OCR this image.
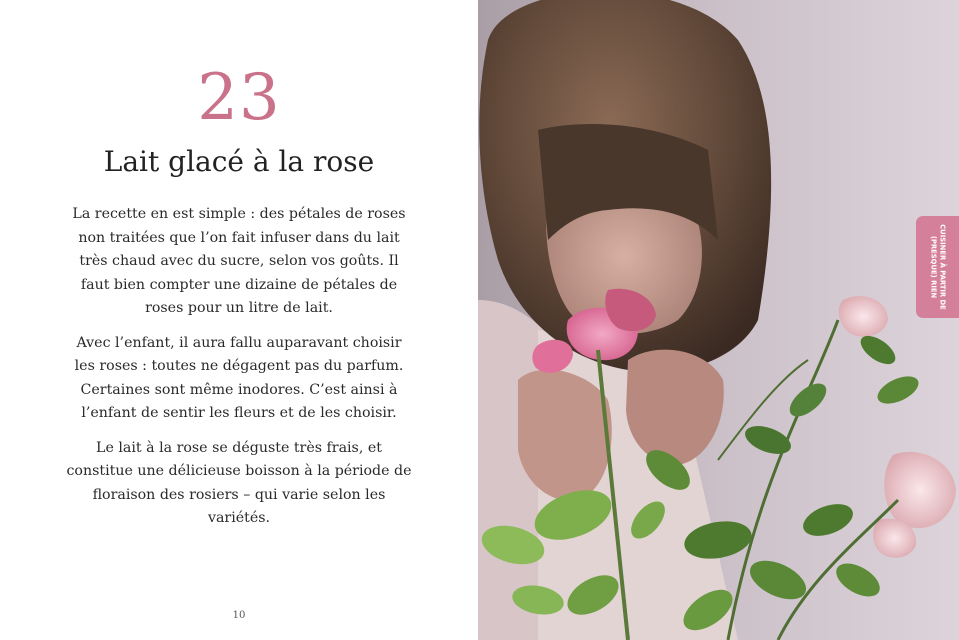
23
Lait glacé à la rose

La recette en est simple : des pétales de roses non traitées que l’on fait infuser dans du lait très chaud avec du sucre, selon vos goûts. Il faut bien compter une dizaine de pétales de roses pour un litre de lait.

Avec l’enfant, il aura fallu auparavant choisir les roses : toutes ne dégagent pas du parfum. Certaines sont même inodores. C’est ainsi à l’enfant de sentir les fleurs et de les choisir.

Le lait à la rose se déguste très frais, et constitue une délicieuse boisson à la période de floraison des rosiers – qui varie selon les variétés.

10
CUISINER À PARTIR DE (PRESQUE) RIEN
